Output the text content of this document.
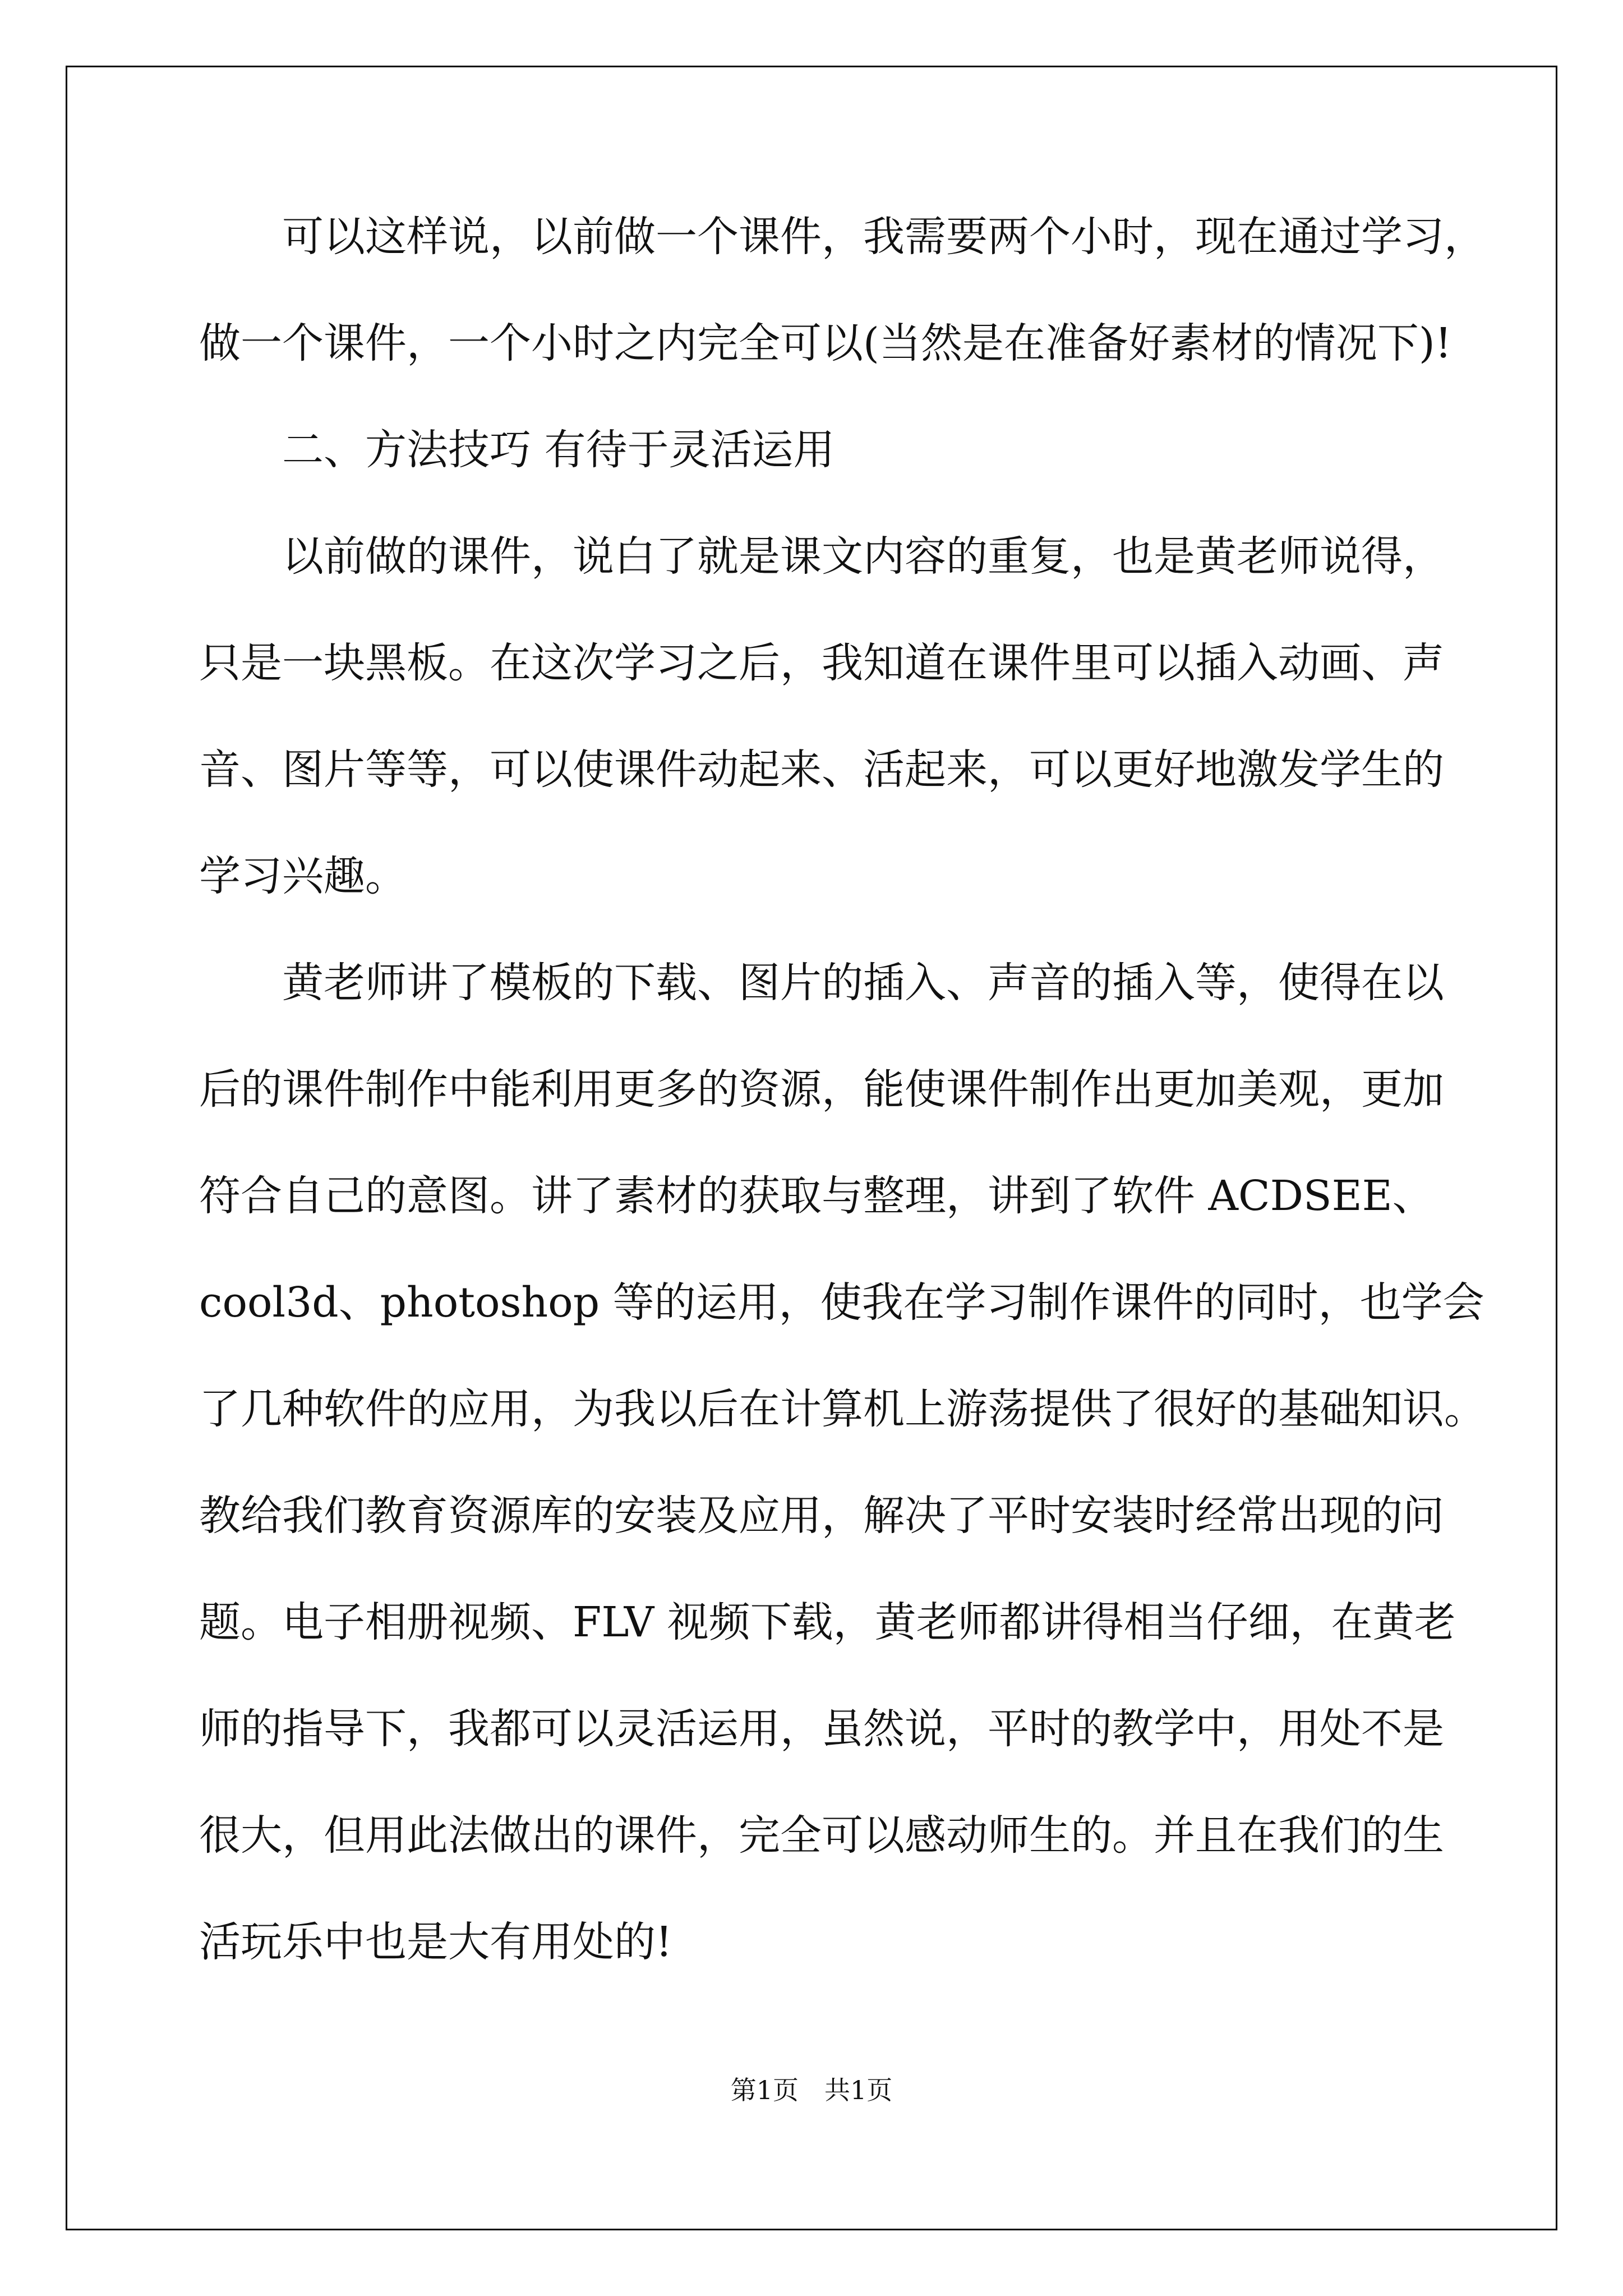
可以这样说，以前做一个课件，我需要两个小时，现在通过学习，
做一个课件，一个小时之内完全可以(当然是在准备好素材的情况下)!
二、方法技巧 有待于灵活运用
以前做的课件，说白了就是课文内容的重复，也是黄老师说得，
只是一块黑板。在这次学习之后，我知道在课件里可以插入动画、声
音、图片等等，可以使课件动起来、活起来，可以更好地激发学生的
学习兴趣。
黄老师讲了模板的下载、图片的插入、声音的插入等，使得在以
后的课件制作中能利用更多的资源，能使课件制作出更加美观，更加
符合自己的意图。讲了素材的获取与整理，讲到了软件 ACDSEE、
cool3d、photoshop 等的运用，使我在学习制作课件的同时，也学会
了几种软件的应用，为我以后在计算机上游荡提供了很好的基础知识。
教给我们教育资源库的安装及应用，解决了平时安装时经常出现的问
题。电子相册视频、FLV 视频下载，黄老师都讲得相当仔细，在黄老
师的指导下，我都可以灵活运用，虽然说，平时的教学中，用处不是
很大，但用此法做出的课件，完全可以感动师生的。并且在我们的生
活玩乐中也是大有用处的!
第1页　共1页
